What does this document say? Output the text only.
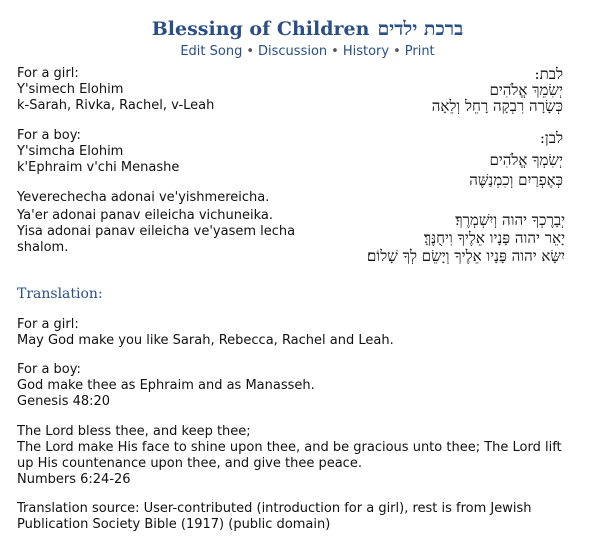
Blessing of Children ברכת ילדים
Edit Song • Discussion • History • Print
For a girl:
Y'simech Elohim
k-Sarah, Rivka, Rachel, v-Leah
לבת:
יְשִׂמֵךְ אֱלֹהִים
כְּשָׂרָה רִבְקָה רָחֵל וְלֵאָה
For a boy:
Y'simcha Elohim
k'Ephraim v'chi Menashe
לבן:
יְשִׂמְךָ אֱלֹהִים
כְּאֶפְרַיִם וְכִמְנַשֶּׁה
Yeverechecha adonai ve'yishmereicha.
Ya'er adonai panav eileicha vichuneika.
Yisa adonai panav eileicha ve'yasem lecha
shalom.
יְבָרֶכְךָ יהוה וְיִשְׁמְרֶךָ׃
יָאֵר יהוה פָּנָיו אֵלֶיךָ וִיחֻנֶּךָּ׃
יִשָּׂא יהוה פָּנָיו אֵלֶיךָ וְיָשֵׂם לְךָ שָׁלוֹם׃
Translation:
For a girl:
May God make you like Sarah, Rebecca, Rachel and Leah.
For a boy:
God make thee as Ephraim and as Manasseh.
Genesis 48:20
The Lord bless thee, and keep thee;
The Lord make His face to shine upon thee, and be gracious unto thee; The Lord lift
up His countenance upon thee, and give thee peace.
Numbers 6:24-26
Translation source: User-contributed (introduction for a girl), rest is from Jewish
Publication Society Bible (1917) (public domain)
